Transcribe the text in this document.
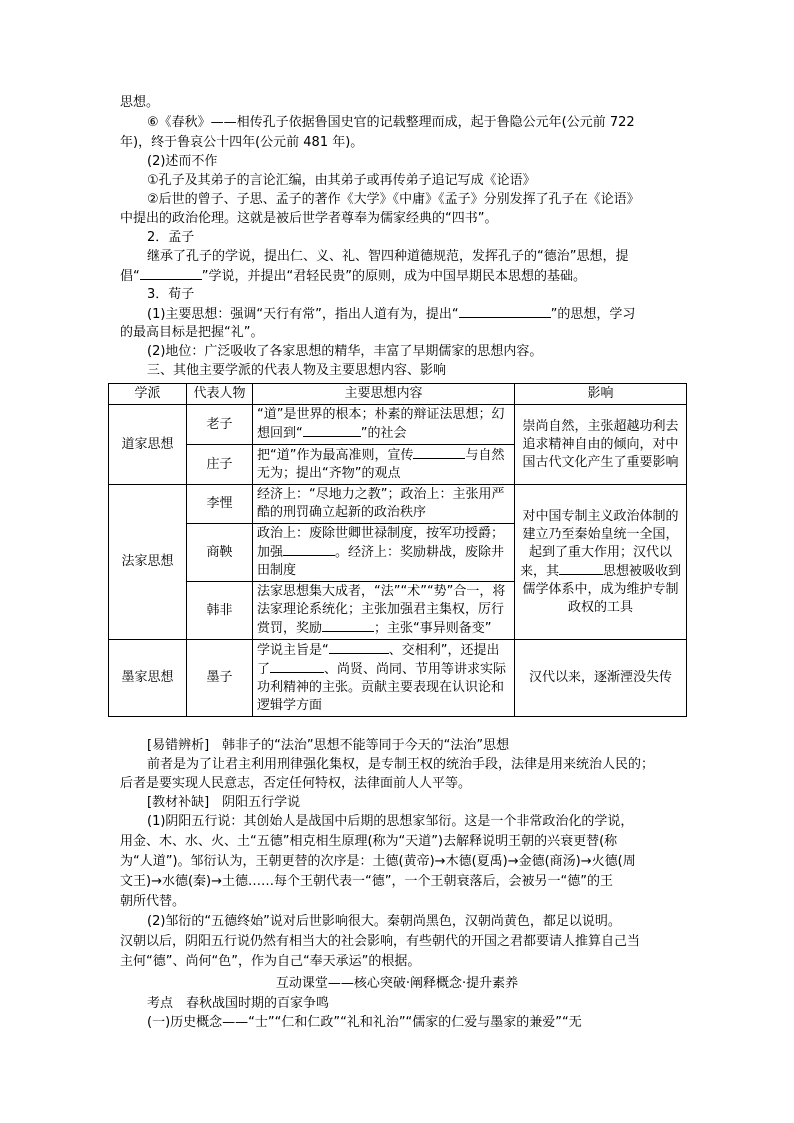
思想。
⑥《春秋》——相传孔子依据鲁国史官的记载整理而成，起于鲁隐公元年(公元前 722
年)，终于鲁哀公十四年(公元前 481 年)。
(2)述而不作
①孔子及其弟子的言论汇编，由其弟子或再传弟子追记写成《论语》
②后世的曾子、子思、孟子的著作《大学》《中庸》《孟子》分别发挥了孔子在《论语》
中提出的政治伦理。这就是被后世学者尊奉为儒家经典的“四书”。
2．孟子
继承了孔子的学说，提出仁、义、礼、智四种道德规范，发挥孔子的“德治”思想，提
倡“	”学说，并提出“君轻民贵”的原则，成为中国早期民本思想的基础。
3．荀子
(1)主要思想：强调“天行有常”，指出人道有为，提出“	”的思想，学习
的最高目标是把握“礼”。
(2)地位：广泛吸收了各家思想的精华，丰富了早期儒家的思想内容。
三、其他主要学派的代表人物及主要思想内容、影响
学派	代表人物	主要思想内容	影响
道家思想	老子	“道”是世界的根本；朴素的辩证法思想；幻想回到“ ”的社会	崇尚自然，主张超越功利去追求精神自由的倾向，对中国古代文化产生了重要影响
	庄子	把“道”作为最高准则，宣传 与自然无为；提出“齐物”的观点	
法家思想	李悝	经济上：“尽地力之教”；政治上：主张用严酷的刑罚确立起新的政治秩序	对中国专制主义政治体制的建立乃至秦始皇统一全国，起到了重大作用；汉代以来，其 思想被吸收到儒学体系中，成为维护专制政权的工具
	商鞅	政治上：废除世卿世禄制度，按军功授爵；加强 。经济上：奖励耕战，废除井田制度	
	韩非	法家思想集大成者，“法”“术”“势”合一，将法家理论系统化；主张加强君主集权，厉行赏罚，奖励 ；主张“事异则备变”	
墨家思想	墨子	学说主旨是“ 、交相利”，还提出了 、尚贤、尚同、节用等讲求实际功利精神的主张。贡献主要表现在认识论和逻辑学方面	汉代以来，逐渐湮没失传
[易错辨析]　韩非子的“法治”思想不能等同于今天的“法治”思想
前者是为了让君主利用刑律强化集权，是专制王权的统治手段，法律是用来统治人民的；
后者是要实现人民意志，否定任何特权，法律面前人人平等。
[教材补缺]　阴阳五行学说
(1)阴阳五行说：其创始人是战国中后期的思想家邹衍。这是一个非常政治化的学说，
用金、木、水、火、土“五德”相克相生原理(称为“天道”)去解释说明王朝的兴衰更替(称
为“人道”)。邹衍认为，王朝更替的次序是：土德(黄帝)→木德(夏禹)→金德(商汤)→火德(周
文王)→水德(秦)→土德……每个王朝代表一“德”，一个王朝衰落后，会被另一“德”的王
朝所代替。
(2)邹衍的“五德终始”说对后世影响很大。秦朝尚黑色，汉朝尚黄色，都足以说明。
汉朝以后，阴阳五行说仍然有相当大的社会影响，有些朝代的开国之君都要请人推算自己当
主何“德”、尚何“色”，作为自己“奉天承运”的根据。
互动课堂——核心突破·阐释概念·提升素养
考点　春秋战国时期的百家争鸣
(一)历史概念——“士”“仁和仁政”“礼和礼治”“儒家的仁爱与墨家的兼爱”“无
